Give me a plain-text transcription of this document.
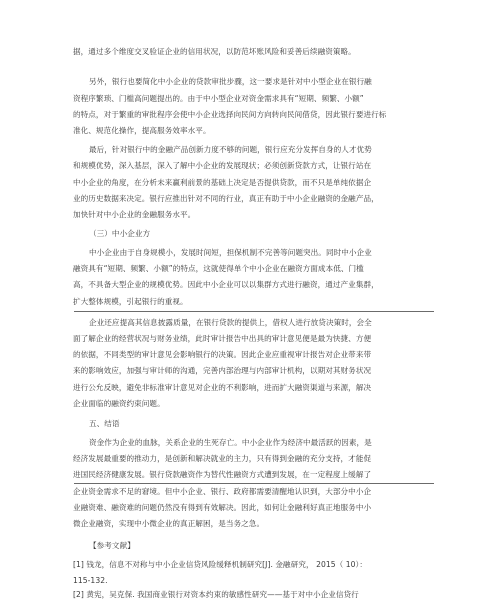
据，通过多个维度交叉验证企业的信用状况，以防范坏账风险和妥善后续融资策略。
另外，银行也要简化中小企业的贷款审批步骤，这一要求是针对中小型企业在银行融
资程序繁琐、门槛高问题提出的。由于中小型企业对资金需求具有“短期、频繁、小额”
的特点，对于繁重的审批程序会使中小企业选择向民间方向转向民间借贷，因此银行要进行标
准化、规范化操作，提高服务效率水平。
最后，针对银行中的金融产品创新力度不够的问题，银行应充分发挥自身的人才优势
和规模优势，深入基层，深入了解中小企业的发展现状；必须创新贷款方式，让银行站在
中小企业的角度，在分析未来赢利前景的基础上决定是否提供贷款，而不只是单纯依据企
业的历史数据来决定。银行应推出针对不同的行业，真正有助于中小企业融资的金融产品，
加快针对中小企业的金融服务水平。
（三）中小企业方
中小企业由于自身规模小，发展时间短，担保机制不完善等问题突出。同时中小企业
融资具有“短期、频繁、小额”的特点，这就使得单个中小企业在融资方面成本低、门槛
高，不具备大型企业的规模优势。因此中小企业可以以集群方式进行融资，通过产业集群，
扩大整体规模，引起银行的重视。
企业还应提高其信息披露质量，在银行贷款的提供上，借权人进行放贷决策时，会全
面了解企业的经营状况与财务业绩，此时审计报告中出具的审计意见便是最为快捷、方便
的依据，不同类型的审计意见会影响银行的决策。因此企业应重视审计报告对企业带来带
来的影响效应，加强与审计师的沟通，完善内部治理与内部审计机构，以期对其财务状况
进行公允反映，避免非标准审计意见对企业的不利影响，进而扩大融资渠道与来源，解决
企业面临的融资约束问题。
五、结语
资金作为企业的血脉，关系企业的生死存亡。中小企业作为经济中最活跃的因素，是
经济发展最重要的推动力，是创新和解决就业的主力，只有得到金融的充分支持，才能促
进国民经济健康发展。银行贷款融资作为替代性融资方式遭到发展，在一定程度上缓解了
企业资金需求不足的窘境。但中小企业、银行、政府都需要清醒地认识到，大部分中小企
业融资难、融资难的问题仍然没有得到有效解决。因此，如何让金融利好真正地服务中小
微企业融资，实现中小微企业的真正解困，是当务之急。
【参考文献】
[1] 钱龙，信息不对称与中小企业信贷风险缓释机制研究[J]. 金融研究， 2015（ 10）：
115-132.
[2] 黄宪，吴克保. 我国商业银行对资本约束的敏感性研究——基于对中小企业信贷行
